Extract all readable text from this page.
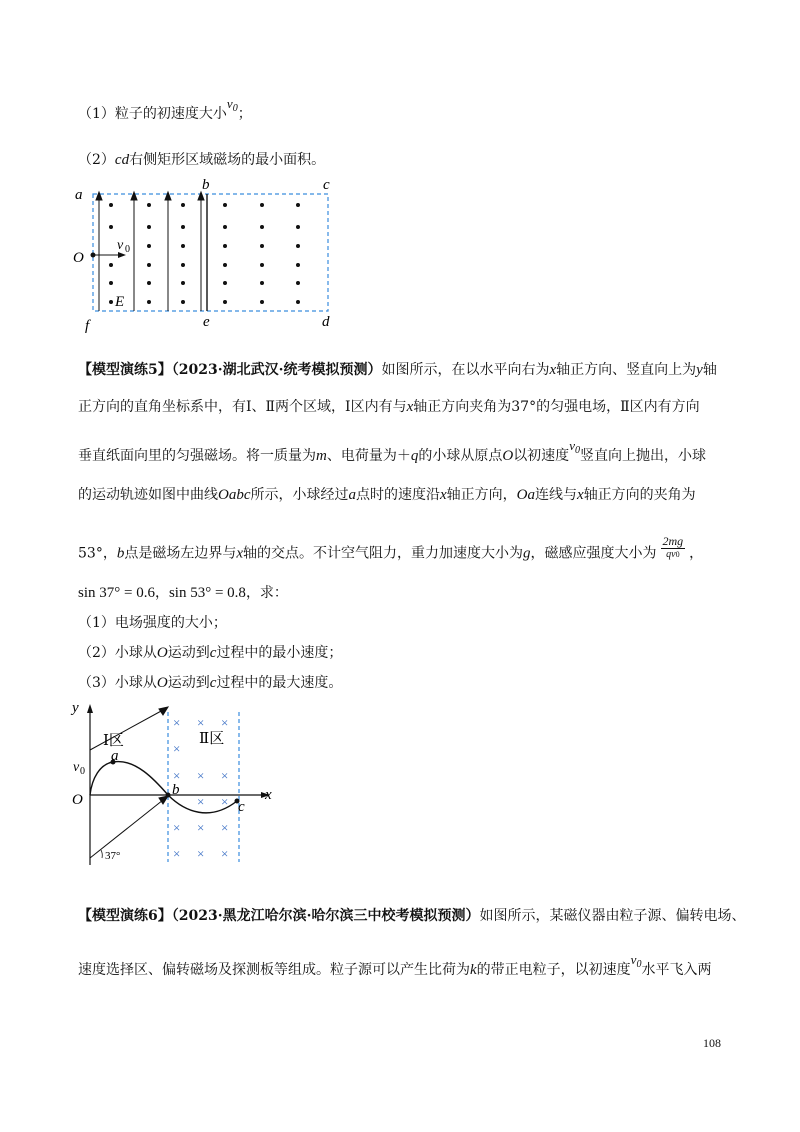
（1）粒子的初速度大小$v_0$；
（2）cd右侧矩形区域磁场的最小面积。
a
b	c
O
v 0
E
f	e	d
【模型演练5】（2023·湖北武汉·统考模拟预测）如图所示，在以水平向右为x轴正方向、竖直向上为y轴
正方向的直角坐标系中，有Ⅰ、Ⅱ两个区域，Ⅰ区内有与x轴正方向夹角为37°的匀强电场，Ⅱ区内有方向
垂直纸面向里的匀强磁场。将一质量为m、电荷量为＋q的小球从原点O以初速度$v_0$竖直向上抛出，小球
的运动轨迹如图中曲线Oabc所示，小球经过a点时的速度沿x轴正方向，Oa连线与x轴正方向的夹角为
53°，b点是磁场左边界与x轴的交点。不计空气阻力，重力加速度大小为g，磁感应强度大小为 $\frac{2mg}{qv0}$ ，
sin 37° = 0.6，sin 53° = 0.8，求：
（1）电场强度的大小；
（2）小球从O运动到c过程中的最小速度；
（3）小球从O运动到c过程中的最大速度。
× × ×
×
× × ×
× ×
× × ×
× × ×
y
x
Ⅰ区	Ⅱ区
v 0
a
b
c
O
37°
【模型演练6】（2023·黑龙江哈尔滨·哈尔滨三中校考模拟预测）如图所示，某磁仪器由粒子源、偏转电场、
速度选择区、偏转磁场及探测板等组成。粒子源可以产生比荷为k的带正电粒子，以初速度$v_0$水平飞入两
108
